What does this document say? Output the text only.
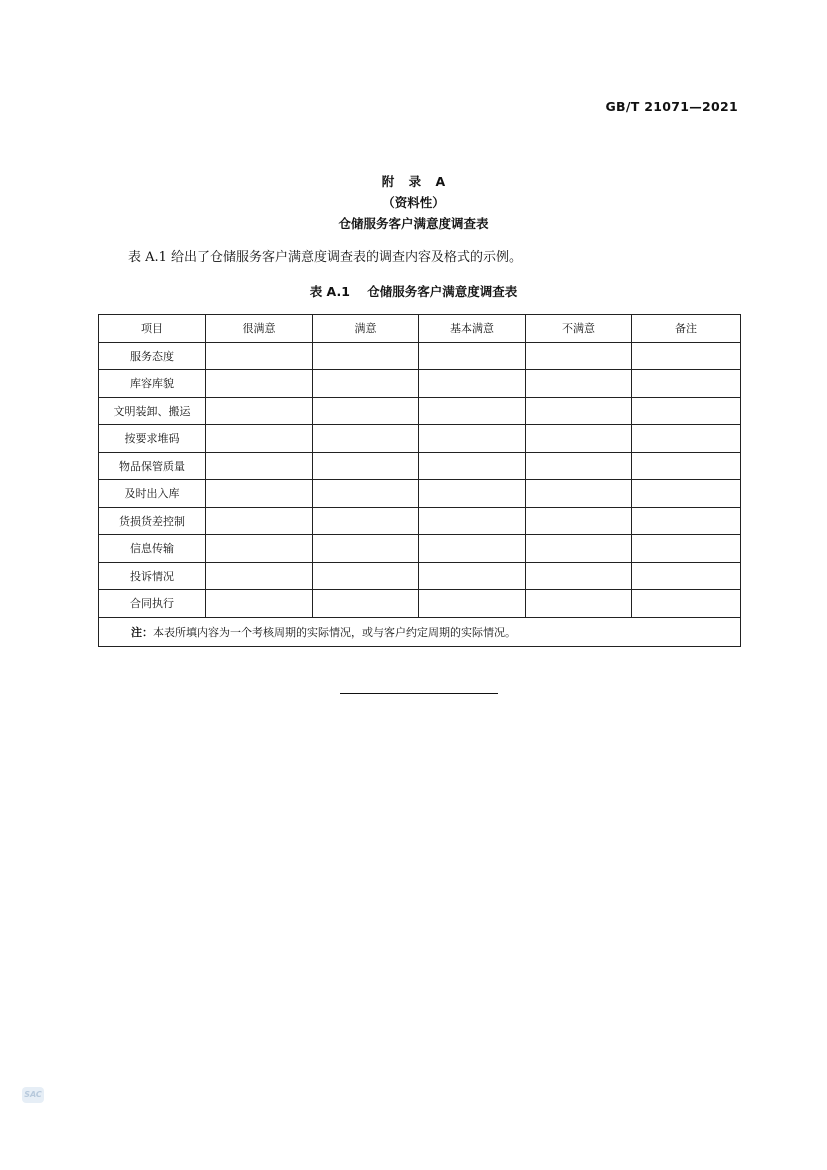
GB/T 21071—2021
附 录 A
（资料性）
仓储服务客户满意度调查表
表 A.1 给出了仓储服务客户满意度调查表的调查内容及格式的示例。
表 A.1    仓储服务客户满意度调查表
项目	很满意	满意	基本满意	不满意	备注
服务态度					
库容库貌					
文明装卸、搬运					
按要求堆码					
物品保管质量					
及时出入库					
货损货差控制					
信息传输					
投诉情况					
合同执行					
注：本表所填内容为一个考核周期的实际情况，或与客户约定周期的实际情况。					
SAC
